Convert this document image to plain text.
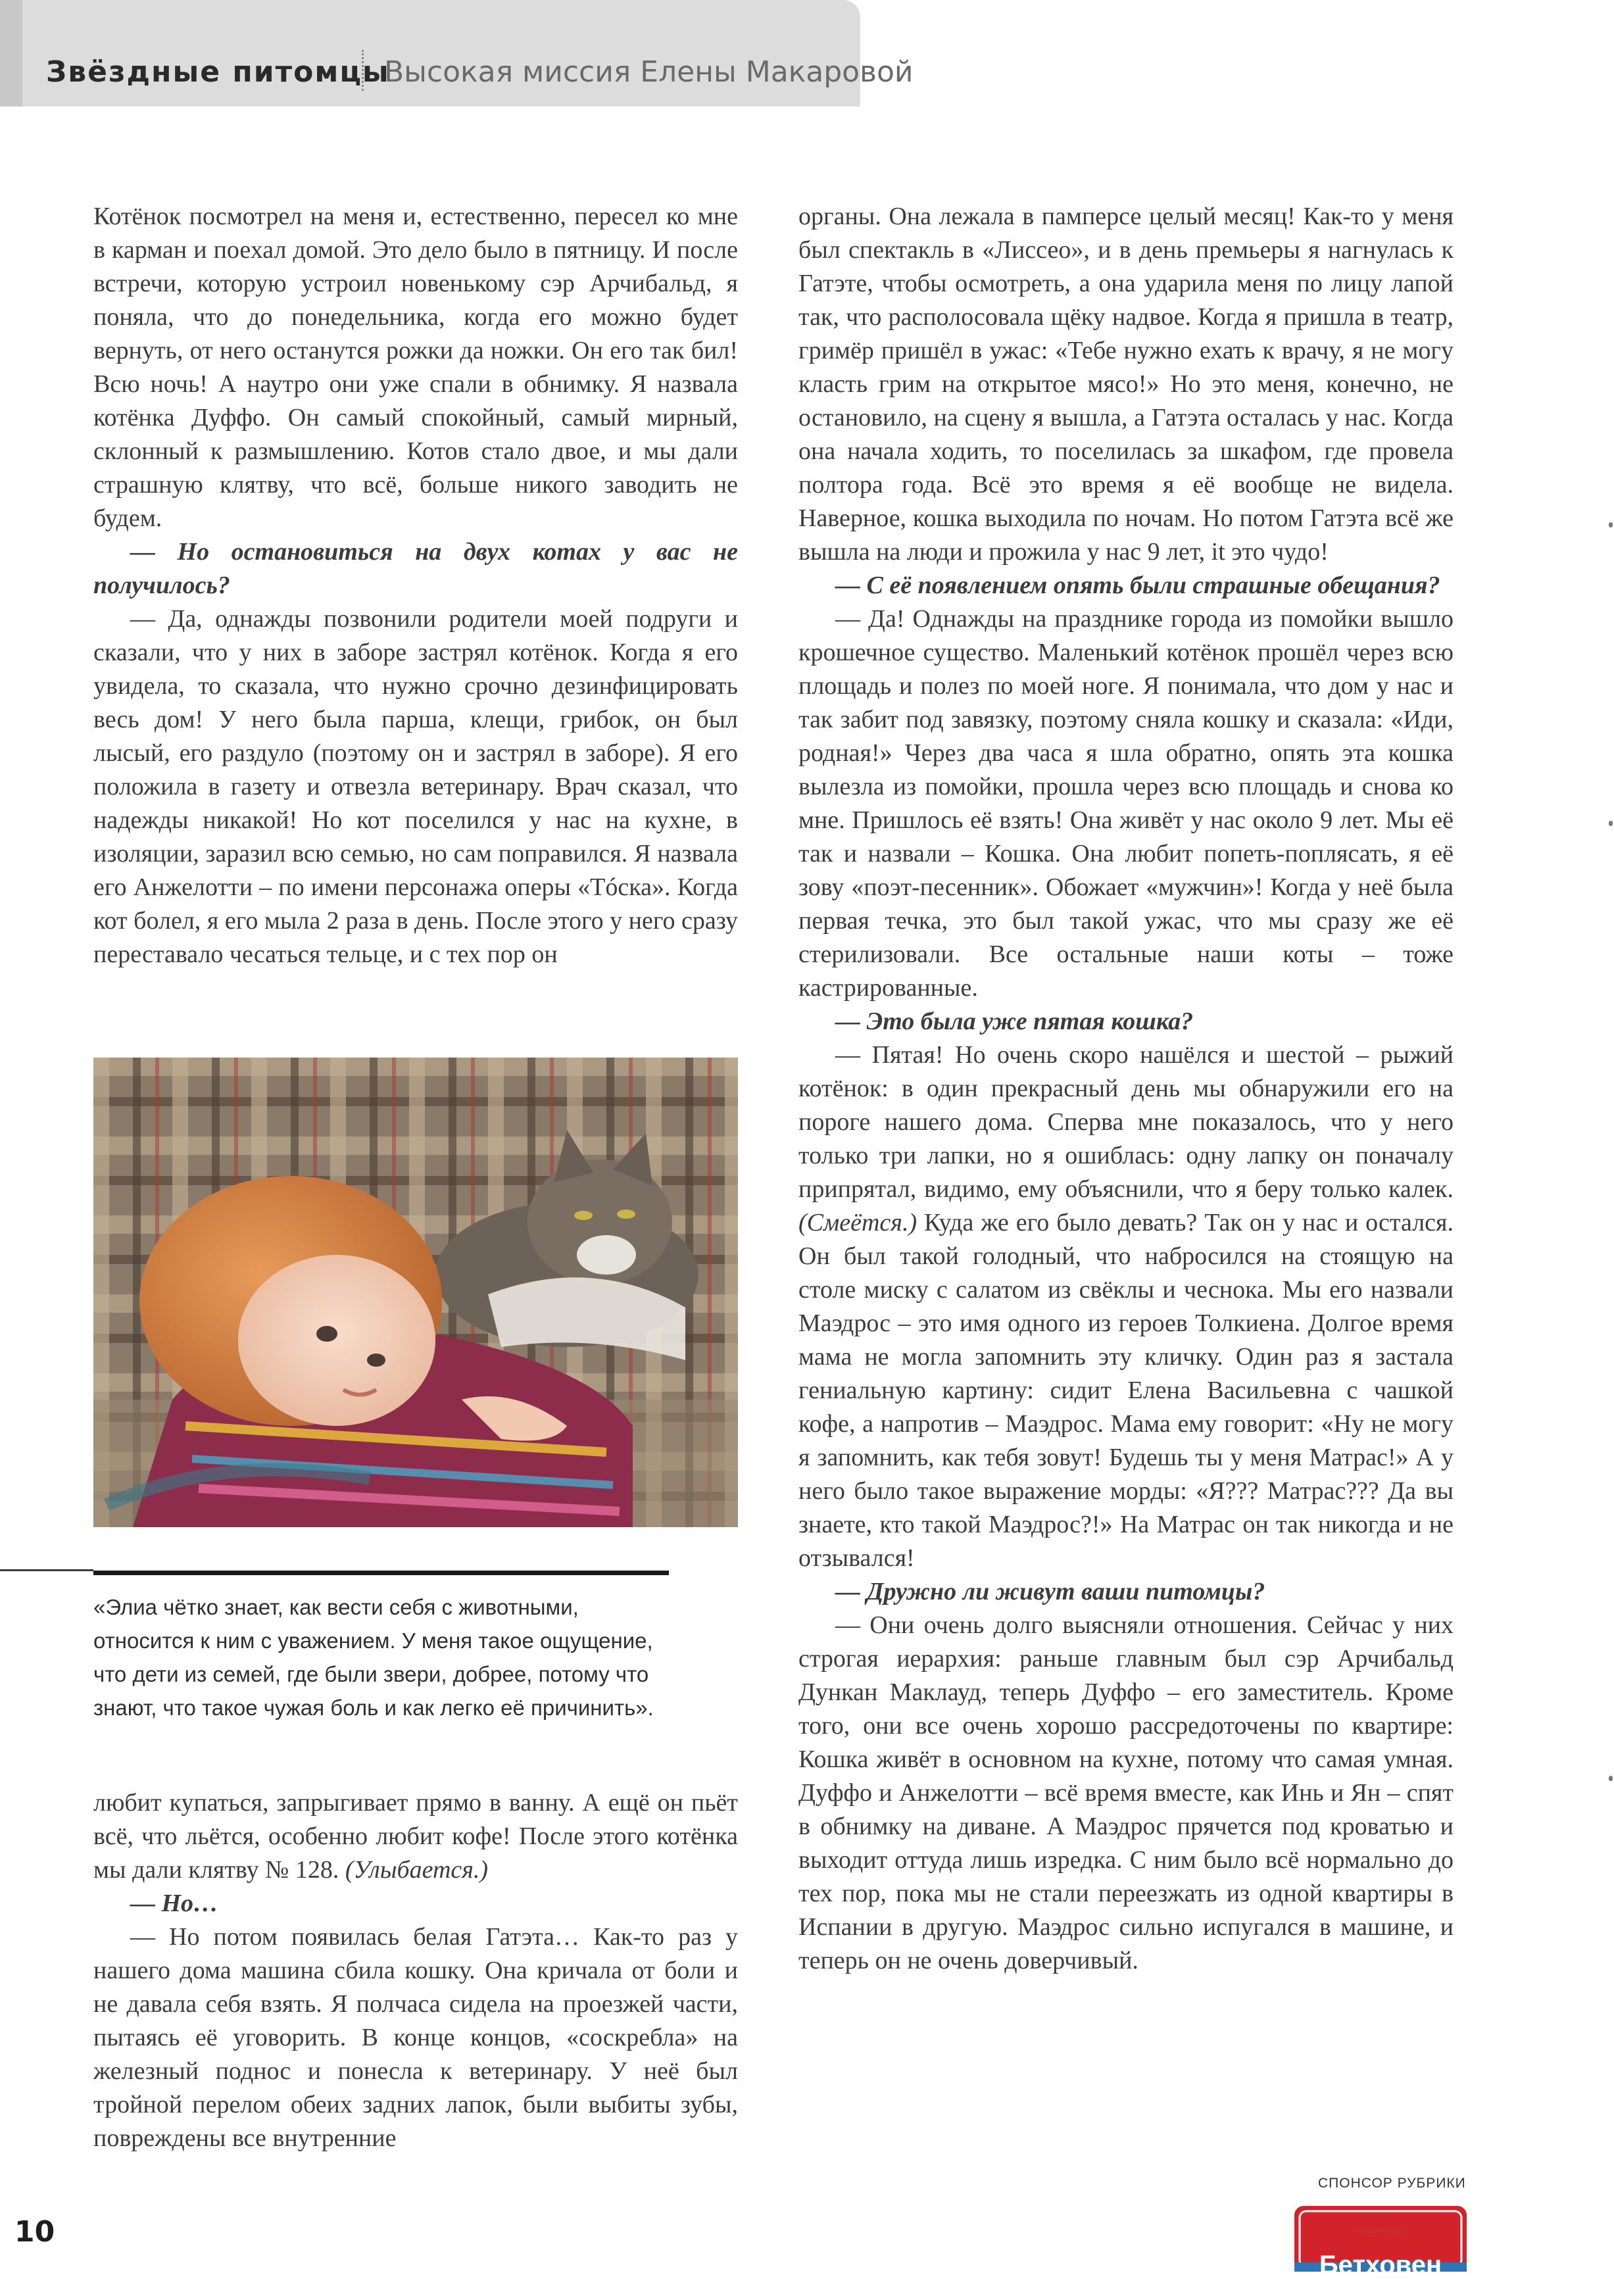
Звёздные питомцы
Высокая миссия Елены Макаровой

Котёнок посмотрел на меня и, естественно, пересел ко мне в карман и поехал домой. Это дело было в пятницу. И после встречи, которую устроил новенькому сэр Арчибальд, я поняла, что до понедельника, когда его можно будет вернуть, от него останутся рожки да ножки. Он его так бил! Всю ночь! А наутро они уже спали в обнимку. Я назвала котёнка Дуффо. Он самый спокойный, самый мирный, склонный к размышлению. Котов стало двое, и мы дали страшную клятву, что всё, больше никого заводить не будем.

— Но остановиться на двух котах у вас не получилось?

— Да, однажды позвонили родители моей подруги и сказали, что у них в заборе застрял котёнок. Когда я его увидела, то сказала, что нужно срочно дезинфицировать весь дом! У него была парша, клещи, грибок, он был лысый, его раздуло (поэтому он и застрял в заборе). Я его положила в газету и отвезла ветеринару. Врач сказал, что надежды никакой! Но кот поселился у нас на кухне, в изоляции, заразил всю семью, но сам поправился. Я назвала его Анжелотти – по имени персонажа оперы «Тóска». Когда кот болел, я его мыла 2 раза в день. После этого у него сразу переставало чесаться тельце, и с тех пор он

«Элиа чётко знает, как вести себя с животными, относится к ним с уважением. У меня такое ощущение, что дети из семей, где были звери, добрее, потому что знают, что такое чужая боль и как легко её причинить».

любит купаться, запрыгивает прямо в ванну. А ещё он пьёт всё, что льётся, особенно любит кофе! После этого котёнка мы дали клятву № 128. (Улыбается.)

— Но…

— Но потом появилась белая Гатэта… Как-то раз у нашего дома машина сбила кошку. Она кричала от боли и не давала себя взять. Я полчаса сидела на проезжей части, пытаясь её уговорить. В конце концов, «соскребла» на железный поднос и понесла к ветеринару. У неё был тройной перелом обеих задних лапок, были выбиты зубы, повреждены все внутренние

органы. Она лежала в памперсе целый месяц! Как-то у меня был спектакль в «Лиссео», и в день премьеры я нагнулась к Гатэте, чтобы осмотреть, а она ударила меня по лицу лапой так, что располосовала щёку надвое. Когда я пришла в театр, гримёр пришёл в ужас: «Тебе нужно ехать к врачу, я не могу класть грим на открытое мясо!» Но это меня, конечно, не остановило, на сцену я вышла, а Гатэта осталась у нас. Когда она начала ходить, то поселилась за шкафом, где провела полтора года. Всё это время я её вообще не видела. Наверное, кошка выходила по ночам. Но потом Гатэта всё же вышла на люди и прожила у нас 9 лет, it это чудо!

— С её появлением опять были страшные обещания?

— Да! Однажды на празднике города из помойки вышло крошечное существо. Маленький котёнок прошёл через всю площадь и полез по моей ноге. Я понимала, что дом у нас и так забит под завязку, поэтому сняла кошку и сказала: «Иди, родная!» Через два часа я шла обратно, опять эта кошка вылезла из помойки, прошла через всю площадь и снова ко мне. Пришлось её взять! Она живёт у нас около 9 лет. Мы её так и назвали – Кошка. Она любит попеть-поплясать, я её зову «поэт-песенник». Обожает «мужчин»! Когда у неё была первая течка, это был такой ужас, что мы сразу же её стерилизовали. Все остальные наши коты – тоже кастрированные.

— Это была уже пятая кошка?

— Пятая! Но очень скоро нашёлся и шестой – рыжий котёнок: в один прекрасный день мы обнаружили его на пороге нашего дома. Сперва мне показалось, что у него только три лапки, но я ошиблась: одну лапку он поначалу припрятал, видимо, ему объяснили, что я беру только калек. (Смеётся.) Куда же его было девать? Так он у нас и остался. Он был такой голодный, что набросился на стоящую на столе миску с салатом из свёклы и чеснока. Мы его назвали Маэдрос – это имя одного из героев Толкиена. Долгое время мама не могла запомнить эту кличку. Один раз я застала гениальную картину: сидит Елена Васильевна с чашкой кофе, а напротив – Маэдрос. Мама ему говорит: «Ну не могу я запомнить, как тебя зовут! Будешь ты у меня Матрас!» А у него было такое выражение морды: «Я??? Матрас??? Да вы знаете, кто такой Маэдрос?!» На Матрас он так никогда и не отзывался!

— Дружно ли живут ваши питомцы?

— Они очень долго выясняли отношения. Сейчас у них строгая иерархия: раньше главным был сэр Арчибальд Дункан Маклауд, теперь Дуффо – его заместитель. Кроме того, они все очень хорошо рассредоточены по квартире: Кошка живёт в основном на кухне, потому что самая умная. Дуффо и Анжелотти – всё время вместе, как Инь и Ян – спят в обнимку на диване. А Маэдрос прячется под кроватью и выходит оттуда лишь изредка. С ним было всё нормально до тех пор, пока мы не стали переезжать из одной квартиры в Испании в другую. Маэдрос сильно испугался в машине, и теперь он не очень доверчивый.

10
СПОНСОР РУБРИКИ
www.bethoven.ru
Бетховен
СЕТЬ ЗООМАГАЗИНОВ
